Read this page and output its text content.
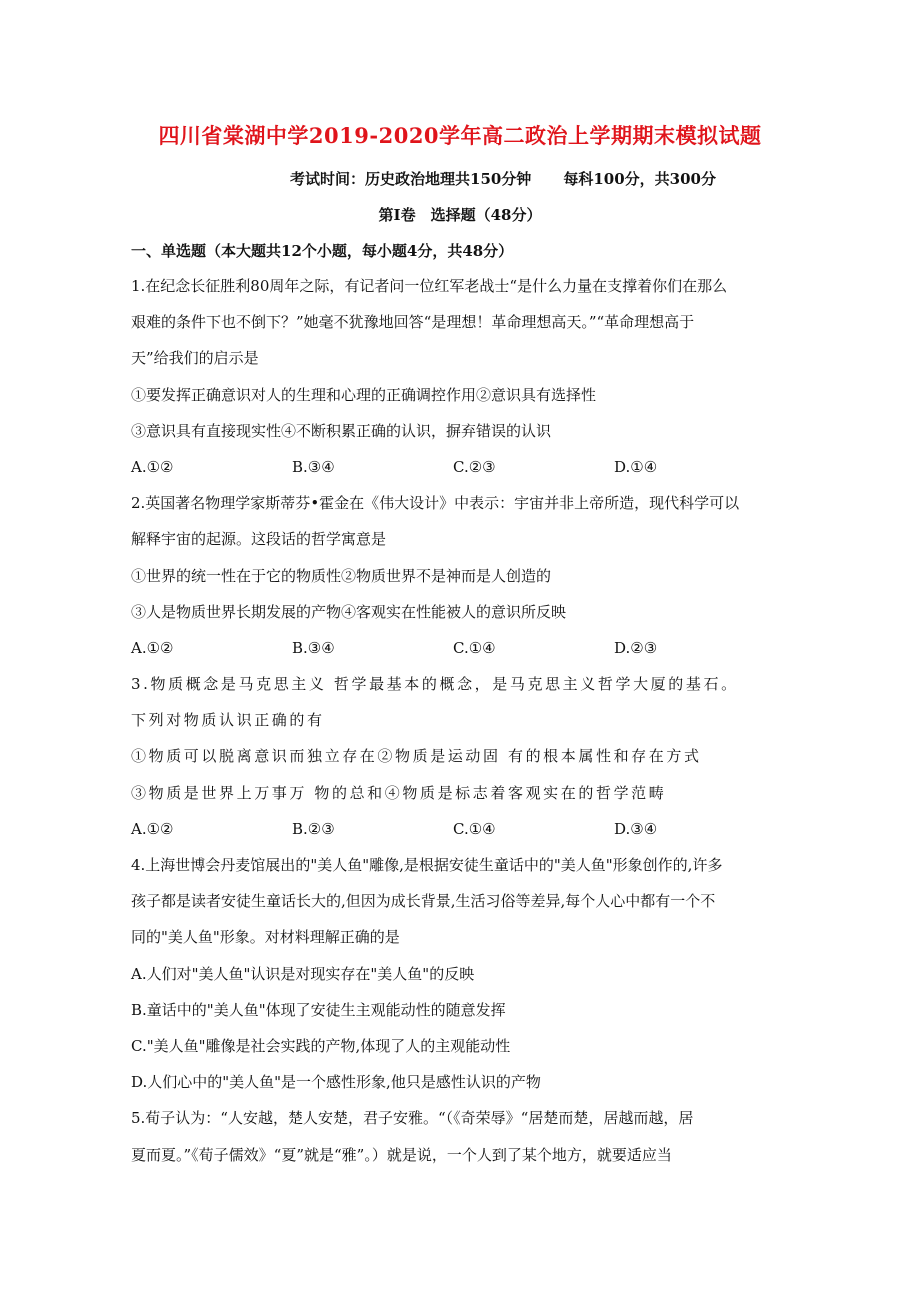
四川省棠湖中学2019-2020学年高二政治上学期期末模拟试题
考试时间：历史政治地理共150分钟 每科100分，共300分
第Ⅰ卷　选择题（48分）
一、单选题（本大题共12个小题，每小题4分，共48分）
1.在纪念长征胜利80周年之际，有记者问一位红军老战士“是什么力量在支撑着你们在那么
艰难的条件下也不倒下？”她毫不犹豫地回答“是理想！革命理想高天。”“革命理想高于
天”给我们的启示是
①要发挥正确意识对人的生理和心理的正确调控作用②意识具有选择性
③意识具有直接现实性④不断积累正确的认识，摒弃错误的认识
A.①②	B.③④	C.②③	D.①④
2.英国著名物理学家斯蒂芬•霍金在《伟大设计》中表示：宇宙并非上帝所造，现代科学可以
解释宇宙的起源。这段话的哲学寓意是
①世界的统一性在于它的物质性②物质世界不是神而是人创造的
③人是物质世界长期发展的产物④客观实在性能被人的意识所反映
A.①②	B.③④	C.①④	D.②③
3.物质概念是马克思主义 哲学最基本的概念，是马克思主义哲学大厦的基石。
下列对物质认识正确的有
①物质可以脱离意识而独立存在②物质是运动固 有的根本属性和存在方式
③物质是世界上万事万 物的总和④物质是标志着客观实在的哲学范畴
A.①②	B.②③	C.①④	D.③④
4.上海世博会丹麦馆展出的"美人鱼"雕像,是根据安徒生童话中的"美人鱼"形象创作的,许多
孩子都是读者安徒生童话长大的,但因为成长背景,生活习俗等差异,每个人心中都有一个不
同的"美人鱼"形象。对材料理解正确的是
A.人们对"美人鱼"认识是对现实存在"美人鱼"的反映
B.童话中的"美人鱼"体现了安徒生主观能动性的随意发挥
C."美人鱼"雕像是社会实践的产物,体现了人的主观能动性
D.人们心中的"美人鱼"是一个感性形象,他只是感性认识的产物
5.荀子认为：“人安越，楚人安楚，君子安雅。“（《奇荣辱》“居楚而楚，居越而越，居
夏而夏。”《荀子儒效》“夏”就是“雅”。）就是说，一个人到了某个地方，就要适应当
